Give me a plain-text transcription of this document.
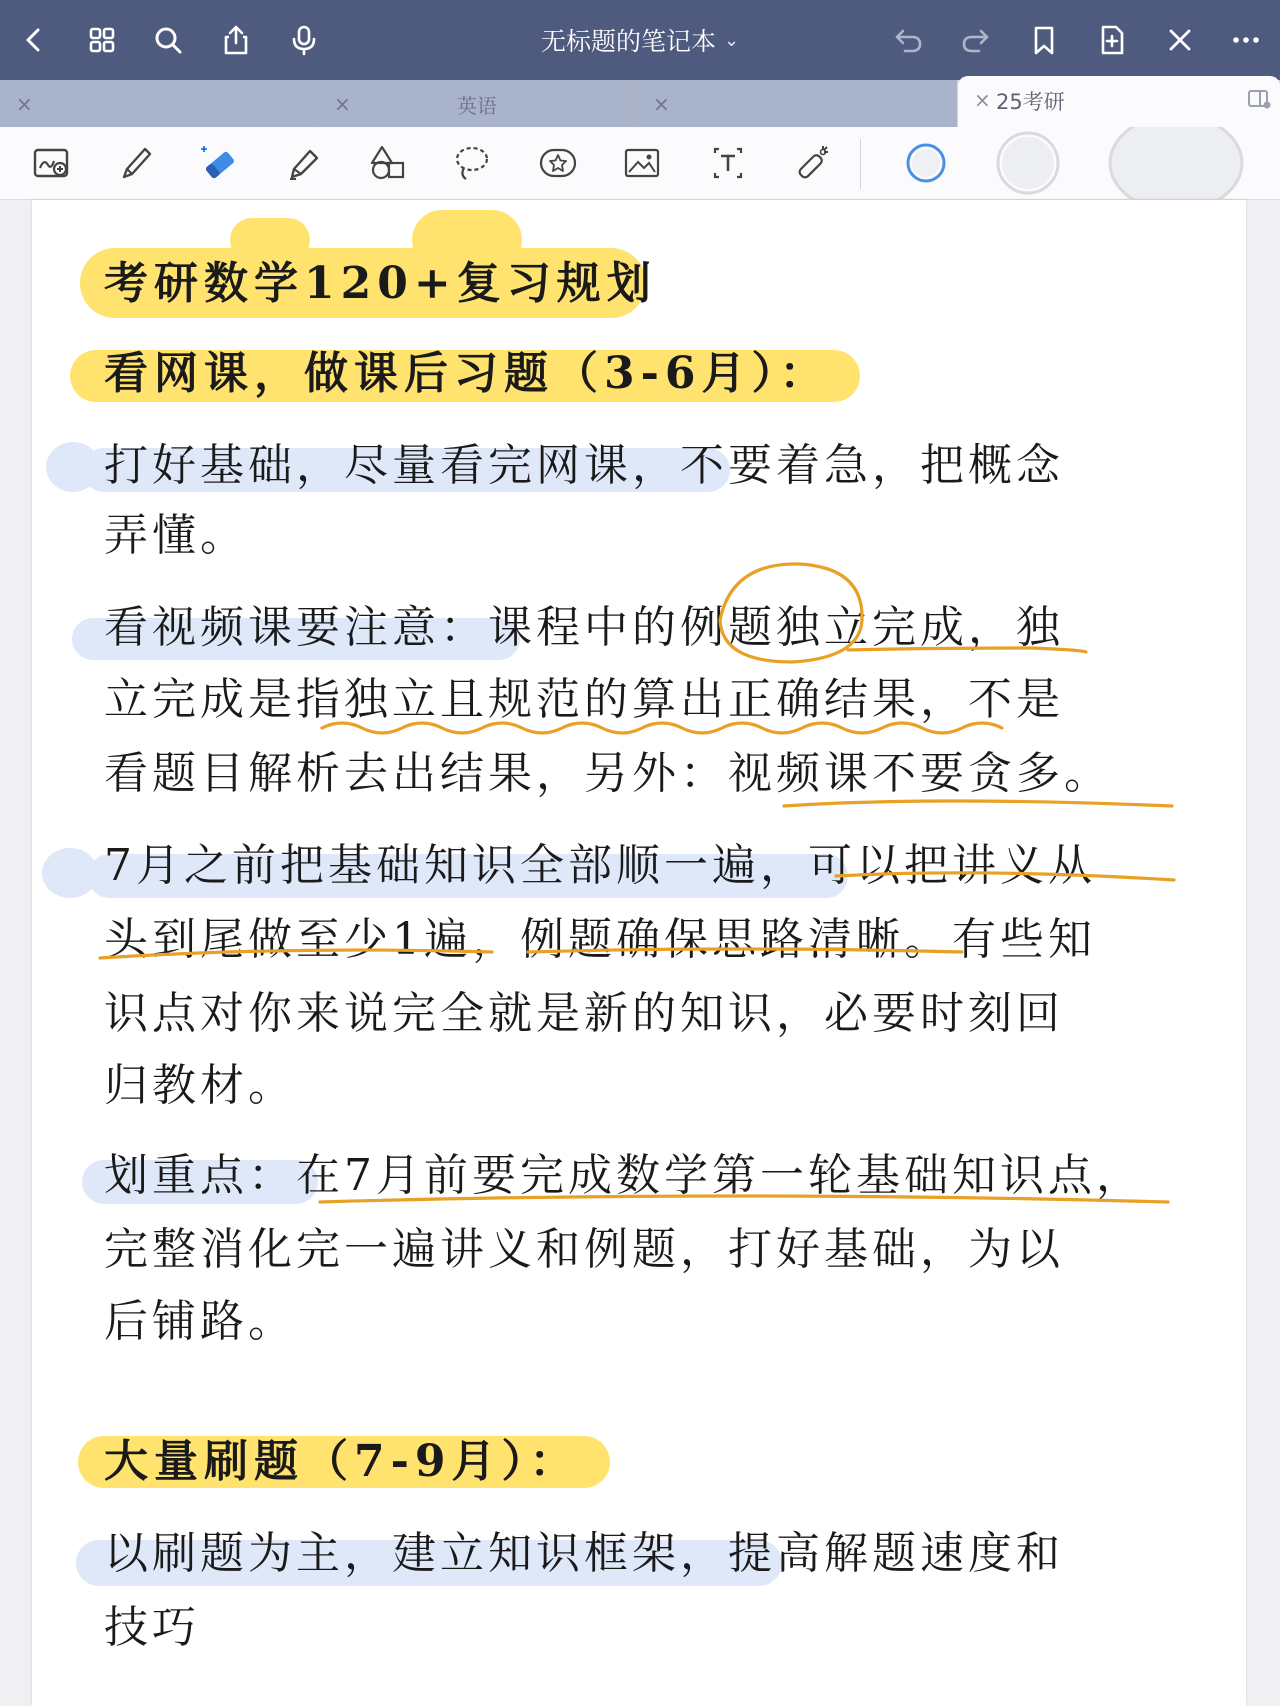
无标题的笔记本 ⌄
×	×	英语	×	× 25考研
考研数学120+复习规划
看网课，做课后习题（3-6月）：
打好基础，尽量看完网课，不要着急，把概念
弄懂。
看视频课要注意：课程中的例题独立完成，独
立完成是指独立且规范的算出正确结果，不是
看题目解析去出结果，另外：视频课不要贪多。
7月之前把基础知识全部顺一遍，可以把讲义从
头到尾做至少1遍，例题确保思路清晰。有些知
识点对你来说完全就是新的知识，必要时刻回
归教材。
划重点：在7月前要完成数学第一轮基础知识点，
完整消化完一遍讲义和例题，打好基础，为以
后铺路。
大量刷题（7-9月）：
以刷题为主，建立知识框架，提高解题速度和
技巧
